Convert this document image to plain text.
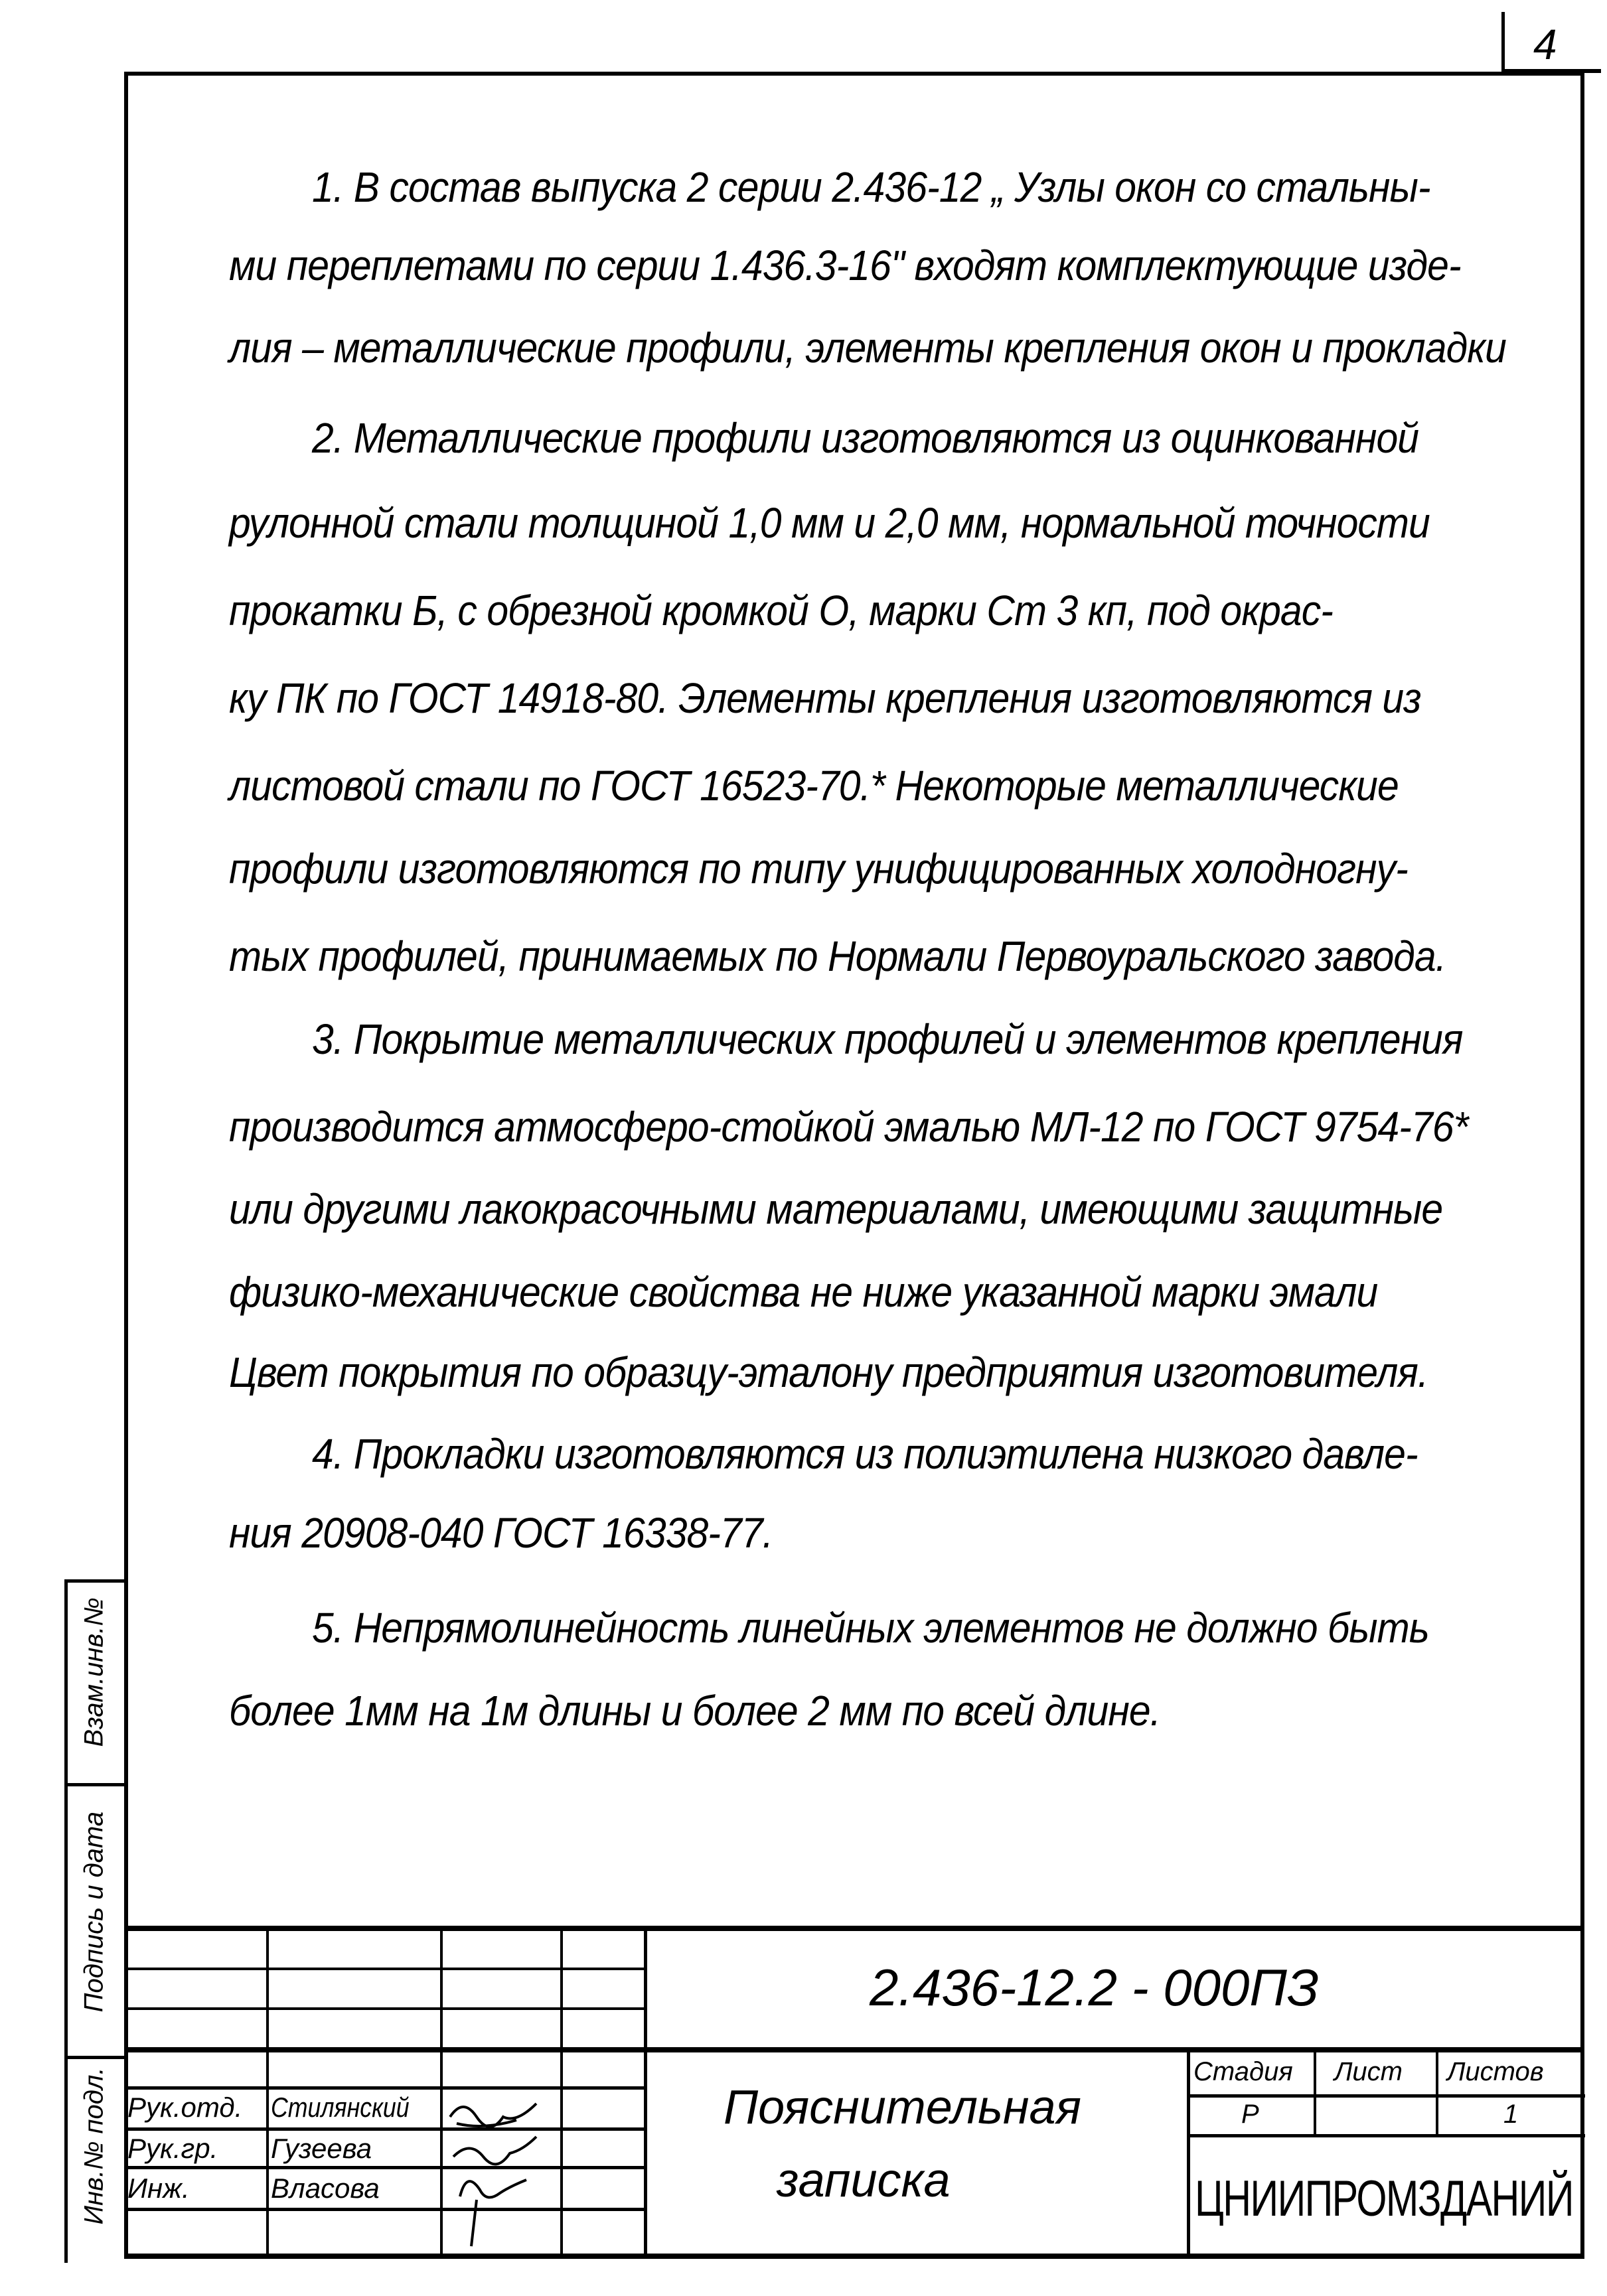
4
1. В состав выпуска 2 серии 2.436-12 „ Узлы окон со стальны-
ми переплетами по серии 1.436.3-16" входят комплектующие изде-
лия – металлические профили, элементы крепления окон и прокладки
2. Металлические профили изготовляются из оцинкованной
рулонной стали толщиной 1,0 мм и 2,0 мм, нормальной точности
прокатки Б, с обрезной кромкой О, марки Ст 3 кп, под окрас-
ку ПК по ГОСТ 14918-80. Элементы крепления изготовляются из
листовой стали по ГОСТ 16523-70.* Некоторые металлические
профили изготовляются по типу унифицированных холодногну-
тых профилей, принимаемых по Нормали Первоуральского завода.
3. Покрытие металлических профилей и элементов крепления
производится атмосферо-стойкой эмалью МЛ-12 по ГОСТ 9754-76*
или другими лакокрасочными материалами, имеющими защитные
физико-механические свойства не ниже указанной марки эмали
Цвет покрытия по образцу-эталону предприятия изготовителя.
4. Прокладки изготовляются из полиэтилена низкого давле-
ния 20908-040 ГОСТ 16338-77.
5. Непрямолинейность линейных элементов не должно быть
более 1мм на 1м длины и более 2 мм по всей длине.
Взам.инв.№
Подпись и дата
Инв.№ подл.
2.436-12.2 - 000ПЗ
Пояснительная
записка
Стадия Лист Листов
Р	1
ЦНИИПРОМЗДАНИЙ
Рук.отд. Стилянский
Рук.гр. Гузеева
Инж.	Власова
